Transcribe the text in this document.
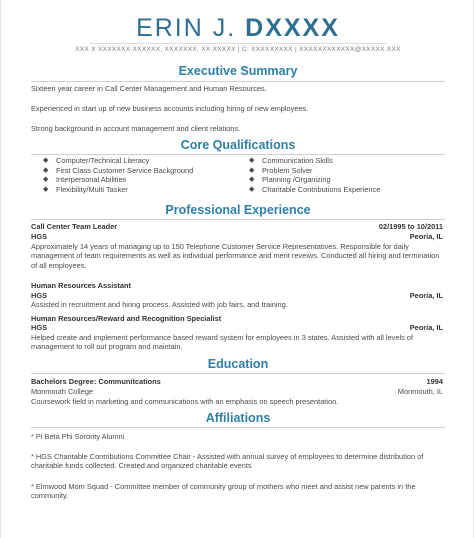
ERIN J. DXXXX
XXX X XXXXXXX XXXXXX, XXXXXXX, XX XXXXX | C: XXXXXXXXX | XXXXXXXXXXXX@XXXXX.XXX
Executive Summary
Sixteen year career in Call Center Management and Human Resources.
Experienced in start up of new business accounts including hiring of new employees.
Strong background in account management and client relations.
Core Qualifications
◆ Computer/Technical Literacy
◆ First Class Customer Service Background
◆ Interpersonal Abilities
◆ Flexibility/Multi Tasker
◆ Communication Skills
◆ Problem Solver
◆ Planning /Organizing
◆ Charitable Contributions Experience
Professional Experience
Call Center Team Leader	02/1995 to 10/2011
HGS	Peoria, IL
Approximately 14 years of managing up to 150 Telephone Customer Service Representatives. Responsible for daily management of team requirements as well as individual performance and merit reveiws. Conducted all hiring and termination of all employees.
Human Resources Assistant
HGS	Peoria, IL
Assisted in recruitment and hiring process. Assisted with job fairs, and training.
Human Resources/Reward and Recognition Specialist
HGS	Peoria, IL
Helped create and implement performance based reward system for employees in 3 states. Assisted with all levels of management to roll out program and maintain.
Education
Bachelors Degree: Communitcations	1994
Monmouth College	Monmouth, IL
Coursework field in marketing and communications with an emphasis on speech presentation.
Affiliations
* Pi Beta Phi Sorority Alumni
* HGS Charitable Contributions Committee Chair - Assisted with annual survey of employees to determine distribution of charitable funds collected. Created and organized charitable events
* Elmwood Mom Squad - Committee member of community group of mothers who meet and assist new parents in the community.
